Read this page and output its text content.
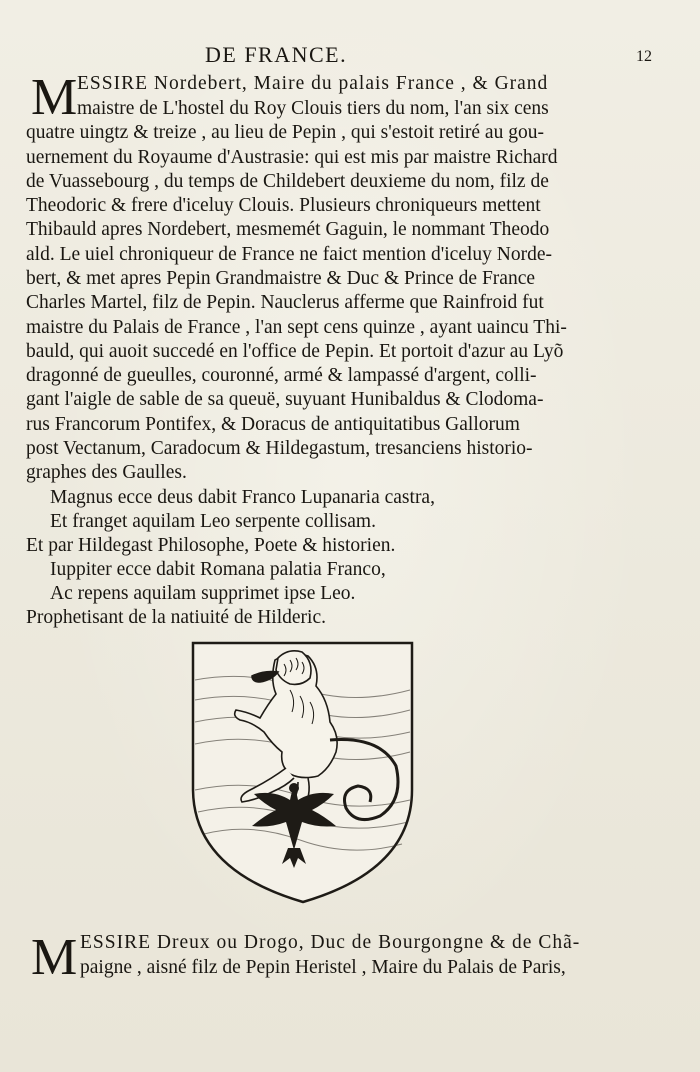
DE FRANCE.	12
M ESSIRE Nordebert, Maire du palais France , & Grand
maistre de L'hostel du Roy Clouis tiers du nom, l'an six cens
quatre uingtz & treize , au lieu de Pepin , qui s'estoit retiré au gou-
uernement du Royaume d'Austrasie: qui est mis par maistre Richard
de Vuassebourg , du temps de Childebert deuxieme du nom, filz de
Theodoric & frere d'iceluy Clouis. Plusieurs chroniqueurs mettent
Thibauld apres Nordebert, mesmemét Gaguin, le nommant Theodo
ald. Le uiel chroniqueur de France ne faict mention d'iceluy Norde-
bert, & met apres Pepin Grandmaistre & Duc & Prince de France
Charles Martel, filz de Pepin. Nauclerus afferme que Rainfroid fut
maistre du Palais de France , l'an sept cens quinze , ayant uaincu Thi-
bauld, qui auoit succedé en l'office de Pepin. Et portoit d'azur au Lyõ
dragonné de gueulles, couronné, armé & lampassé d'argent, colli-
gant l'aigle de sable de sa queuë, suyuant Hunibaldus & Clodoma-
rus Francorum Pontifex, & Doracus de antiquitatibus Gallorum
post Vectanum, Caradocum & Hildegastum, tresanciens historio-
graphes des Gaulles.
Magnus ecce deus dabit Franco Lupanaria castra,
Et franget aquilam Leo serpente collisam.
Et par Hildegast Philosophe, Poete & historien.
Iuppiter ecce dabit Romana palatia Franco,
Ac repens aquilam supprimet ipse Leo.
Prophetisant de la natiuité de Hilderic.
M ESSIRE Dreux ou Drogo, Duc de Bourgongne & de Chã-
paigne , aisné filz de Pepin Heristel , Maire du Palais de Paris,
